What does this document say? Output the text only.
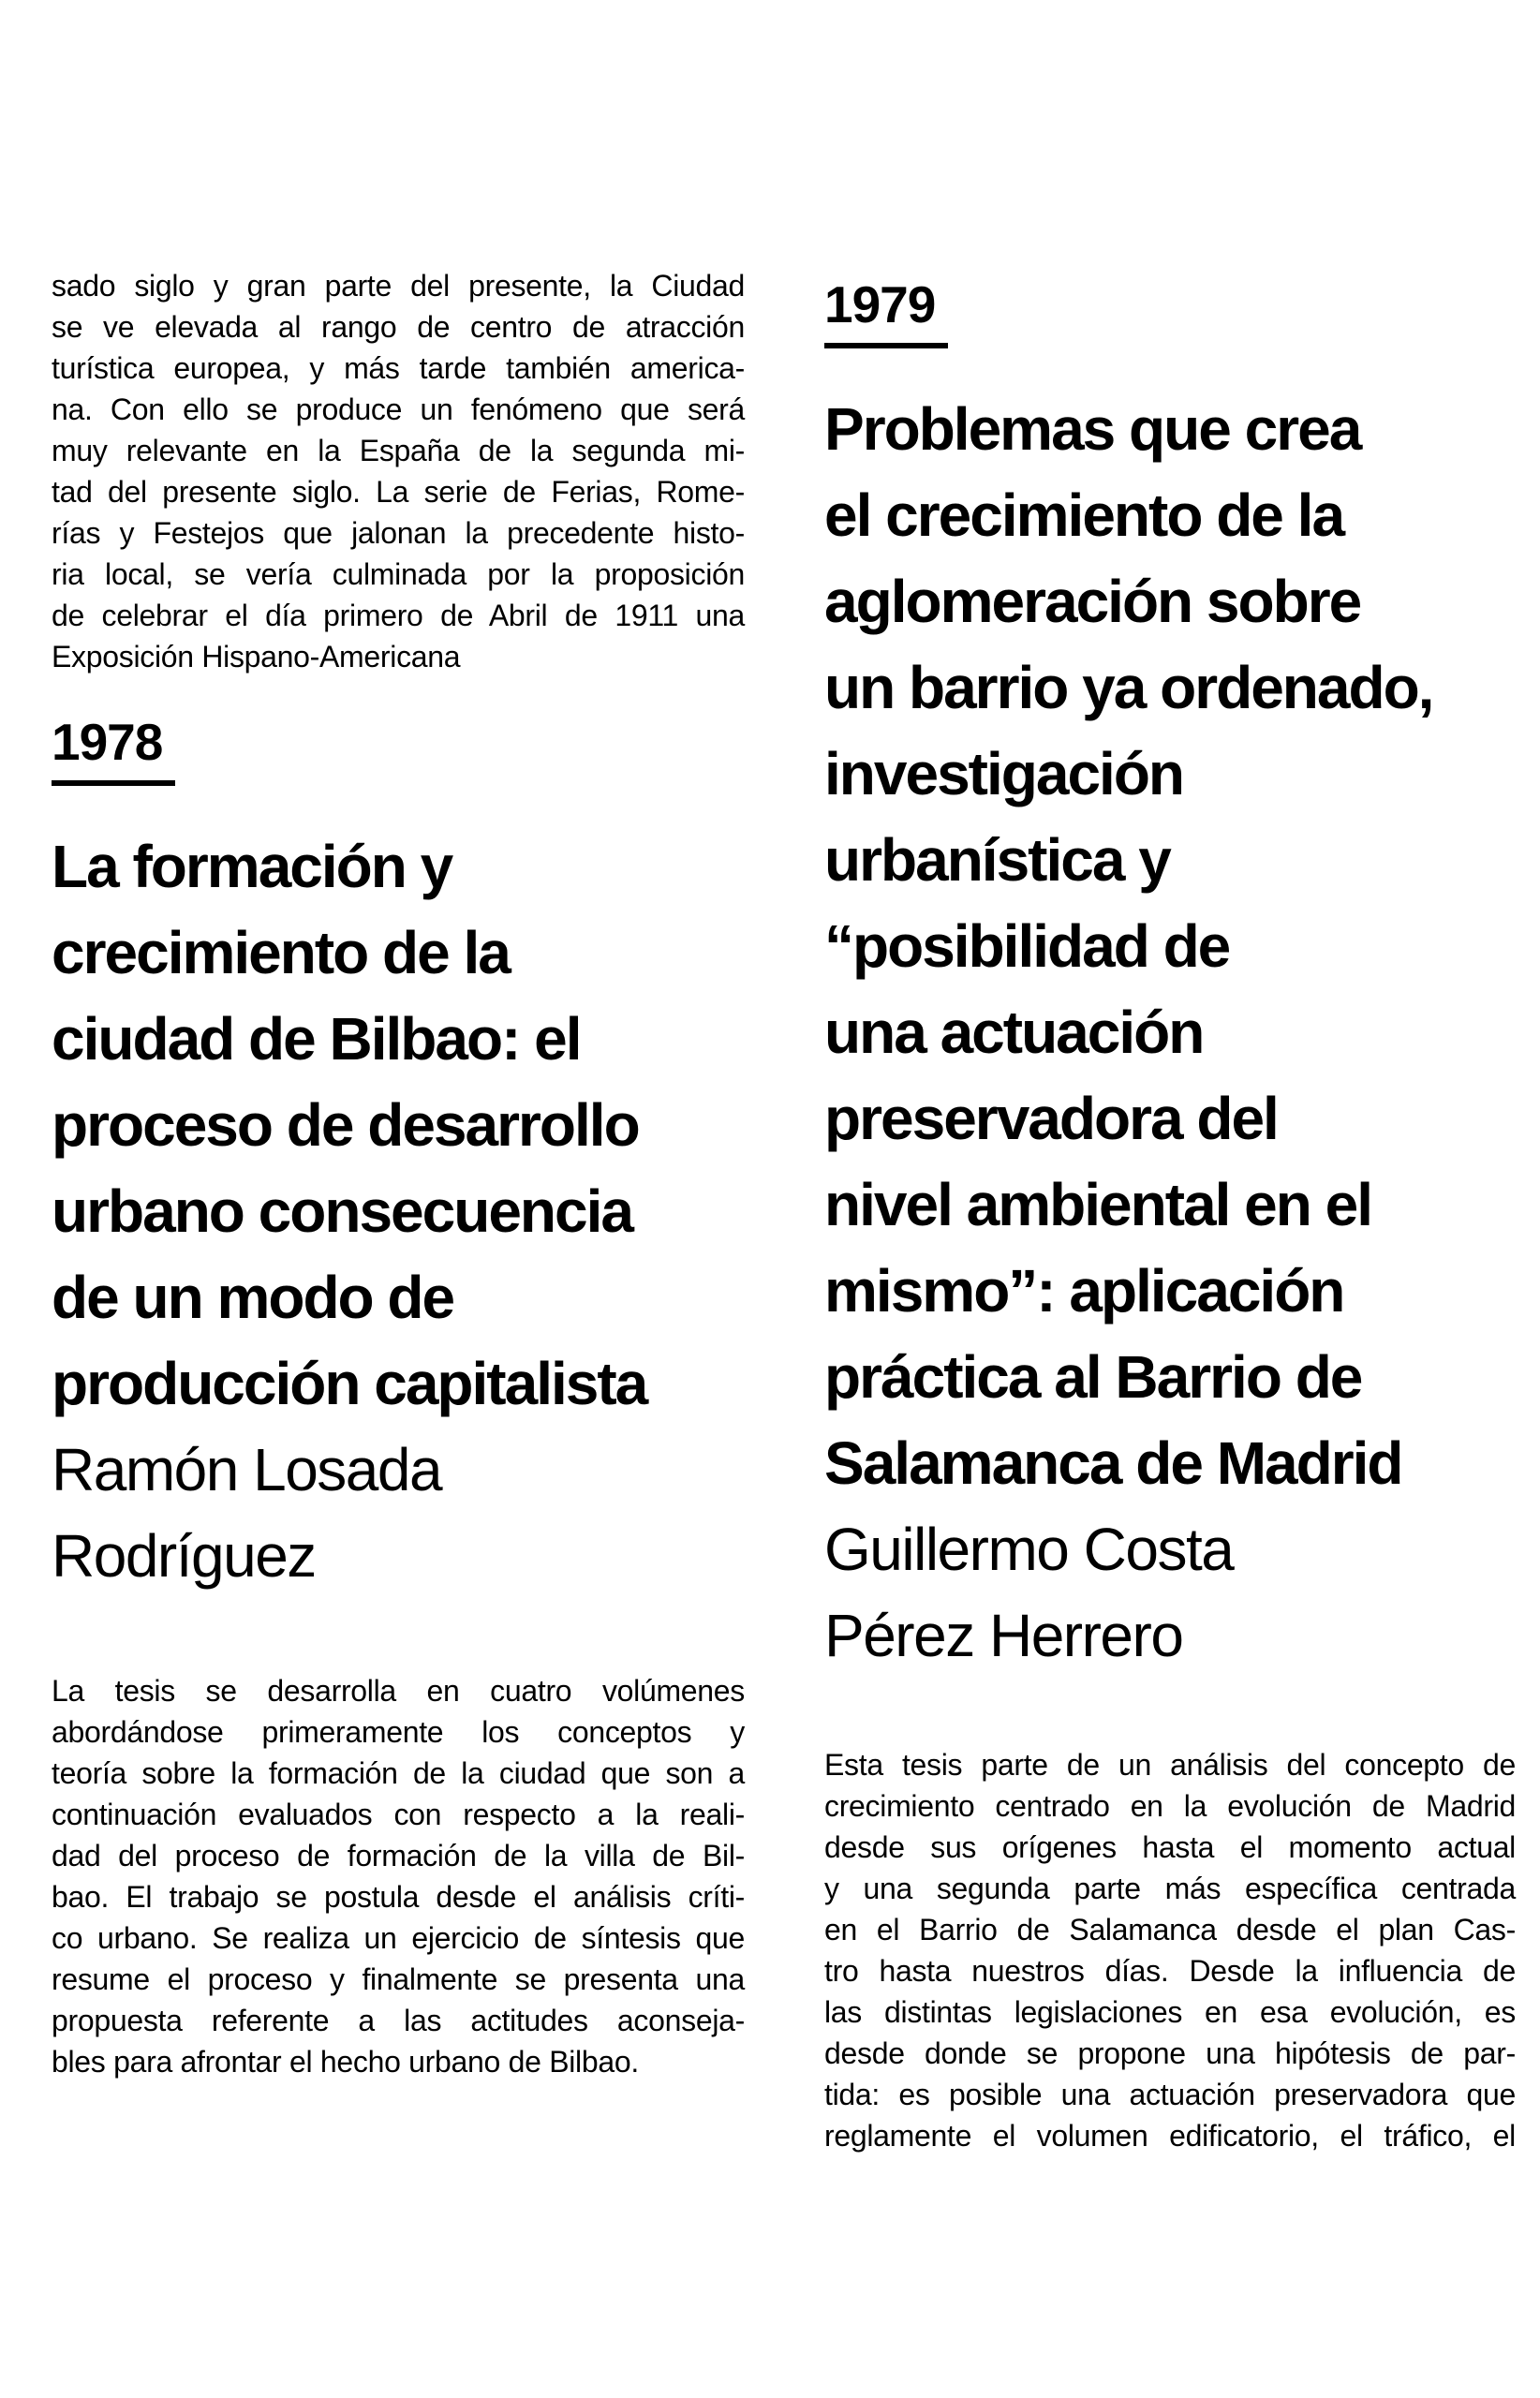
sado siglo y gran parte del presente, la Ciudad
se ve elevada al rango de centro de atracción
turística europea, y más tarde también america-
na. Con ello se produce un fenómeno que será
muy relevante en la España de la segunda mi-
tad del presente siglo. La serie de Ferias, Rome-
rías y Festejos que jalonan la precedente histo-
ria local, se vería culminada por la proposición
de celebrar el día primero de Abril de 1911 una
Exposición Hispano-Americana
1978
La formación y
crecimiento de la
ciudad de Bilbao: el
proceso de desarrollo
urbano consecuencia
de un modo de
producción capitalista
Ramón Losada
Rodríguez
La tesis se desarrolla en cuatro volúmenes
abordándose primeramente los conceptos y
teoría sobre la formación de la ciudad que son a
continuación evaluados con respecto a la reali-
dad del proceso de formación de la villa de Bil-
bao. El trabajo se postula desde el análisis críti-
co urbano. Se realiza un ejercicio de síntesis que
resume el proceso y finalmente se presenta una
propuesta referente a las actitudes aconseja-
bles para afrontar el hecho urbano de Bilbao.
1979
Problemas que crea
el crecimiento de la
aglomeración sobre
un barrio ya ordenado,
investigación
urbanística y
“posibilidad de
una actuación
preservadora del
nivel ambiental en el
mismo”: aplicación
práctica al Barrio de
Salamanca de Madrid
Guillermo Costa
Pérez Herrero
Esta tesis parte de un análisis del concepto de
crecimiento centrado en la evolución de Madrid
desde sus orígenes hasta el momento actual
y una segunda parte más específica centrada
en el Barrio de Salamanca desde el plan Cas-
tro hasta nuestros días. Desde la influencia de
las distintas legislaciones en esa evolución, es
desde donde se propone una hipótesis de par-
tida: es posible una actuación preservadora que
reglamente el volumen edificatorio, el tráfico, el
